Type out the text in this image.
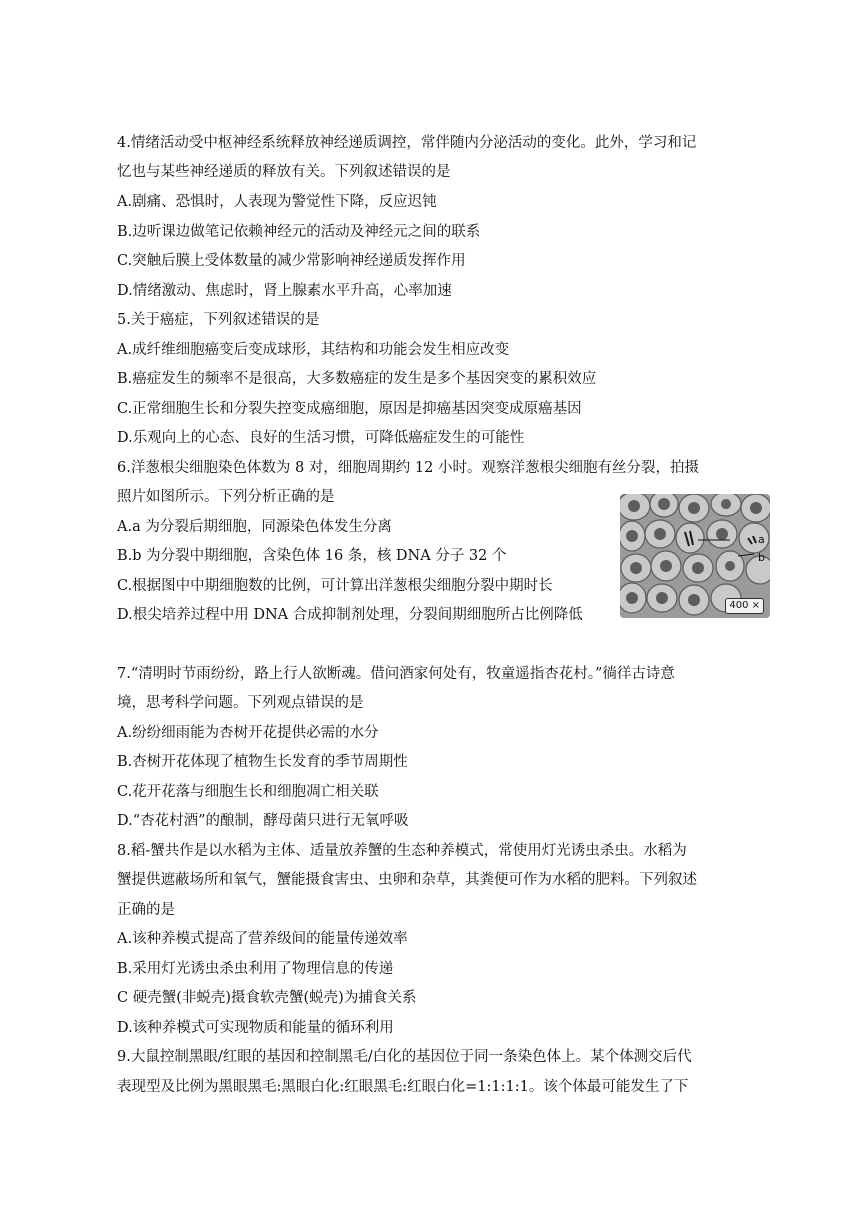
4.情绪活动受中枢神经系统释放神经递质调控，常伴随内分泌活动的变化。此外，学习和记
忆也与某些神经递质的释放有关。下列叙述错误的是
A.剧痛、恐惧时，人表现为警觉性下降，反应迟钝
B.边听课边做笔记依赖神经元的活动及神经元之间的联系
C.突触后膜上受体数量的减少常影响神经递质发挥作用
D.情绪激动、焦虑时，肾上腺素水平升高，心率加速
5.关于癌症，下列叙述错误的是
A.成纤维细胞癌变后变成球形，其结构和功能会发生相应改变
B.癌症发生的频率不是很高，大多数癌症的发生是多个基因突变的累积效应
C.正常细胞生长和分裂失控变成癌细胞，原因是抑癌基因突变成原癌基因
D.乐观向上的心态、良好的生活习惯，可降低癌症发生的可能性
6.洋葱根尖细胞染色体数为 8 对，细胞周期约 12 小时。观察洋葱根尖细胞有丝分裂，拍摄
照片如图所示。下列分析正确的是
A.a 为分裂后期细胞，同源染色体发生分离
B.b 为分裂中期细胞，含染色体 16 条，核 DNA 分子 32 个
C.根据图中中期细胞数的比例，可计算出洋葱根尖细胞分裂中期时长
D.根尖培养过程中用 DNA 合成抑制剂处理，分裂间期细胞所占比例降低
a
b
400 ×
7.“清明时节雨纷纷，路上行人欲断魂。借问酒家何处有，牧童遥指杏花村。”徜徉古诗意
境，思考科学问题。下列观点错误的是
A.纷纷细雨能为杏树开花提供必需的水分
B.杏树开花体现了植物生长发育的季节周期性
C.花开花落与细胞生长和细胞凋亡相关联
D.“杏花村酒”的酿制，酵母菌只进行无氧呼吸
8.稻-蟹共作是以水稻为主体、适量放养蟹的生态种养模式，常使用灯光诱虫杀虫。水稻为
蟹提供遮蔽场所和氧气，蟹能摄食害虫、虫卵和杂草，其粪便可作为水稻的肥料。下列叙述
正确的是
A.该种养模式提高了营养级间的能量传递效率
B.采用灯光诱虫杀虫利用了物理信息的传递
C 硬壳蟹(非蜕壳)摄食软壳蟹(蜕壳)为捕食关系
D.该种养模式可实现物质和能量的循环利用
9.大鼠控制黑眼/红眼的基因和控制黑毛/白化的基因位于同一条染色体上。某个体测交后代
表现型及比例为黑眼黑毛:黑眼白化:红眼黑毛:红眼白化=1:1:1:1。该个体最可能发生了下
